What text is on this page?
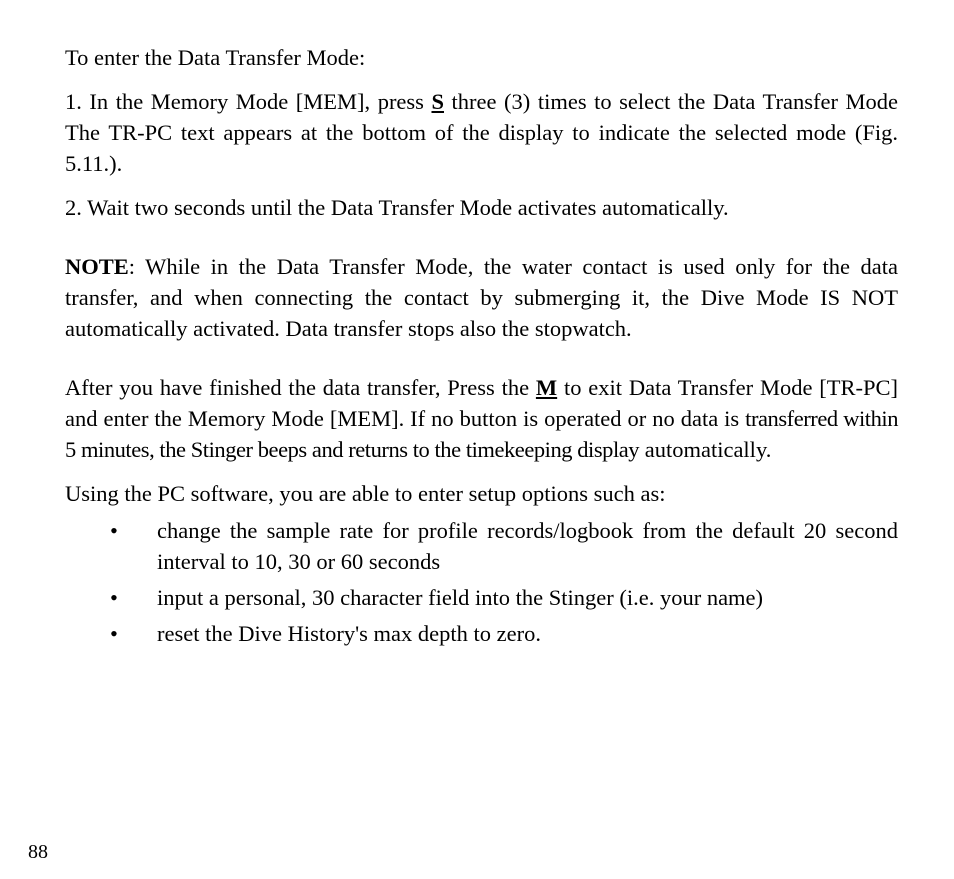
To enter the Data Transfer Mode:

1. In the Memory Mode [MEM], press S three (3) times to select the Data Transfer Mode The TR-PC text appears at the bottom of the display to indicate the selected mode (Fig. 5.11.).

2. Wait two seconds until the Data Transfer Mode activates automatically.

NOTE: While in the Data Transfer Mode, the water contact is used only for the data transfer, and when connecting the contact by submerging it, the Dive Mode IS NOT automatically activated. Data transfer stops also the stopwatch.

After you have finished the data transfer, Press the M to exit Data Transfer Mode [TR-PC] and enter the Memory Mode [MEM]. If no button is operated or no data is transferred within 5 minutes, the Stinger beeps and returns to the timekeeping display automatically.

Using the PC software, you are able to enter setup options such as:

• change the sample rate for profile records/logbook from the default 20 second interval to 10, 30 or 60 seconds
• input a personal, 30 character field into the Stinger (i.e. your name)
• reset the Dive History's max depth to zero.
88
